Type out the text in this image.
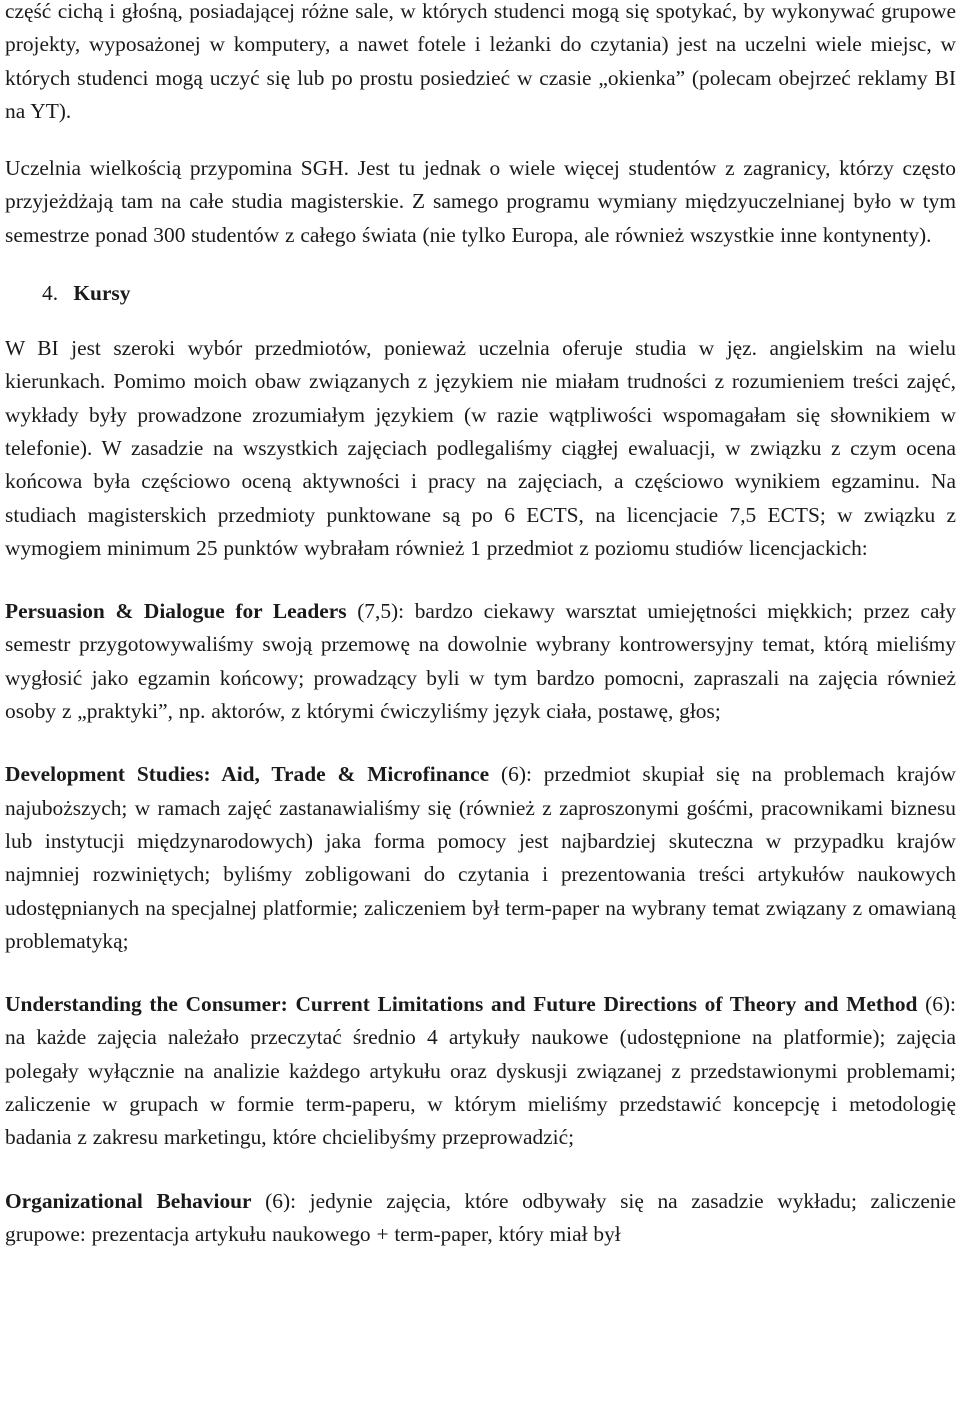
część cichą i głośną, posiadającej różne sale, w których studenci mogą się spotykać, by wykonywać grupowe projekty, wyposażonej w komputery, a nawet fotele i leżanki do czytania) jest na uczelni wiele miejsc, w których studenci mogą uczyć się lub po prostu posiedzieć w czasie „okienka” (polecam obejrzeć reklamy BI na YT).

Uczelnia wielkością przypomina SGH. Jest tu jednak o wiele więcej studentów z zagranicy, którzy często przyjeżdżają tam na całe studia magisterskie. Z samego programu wymiany międzyuczelnianej było w tym semestrze ponad 300 studentów z całego świata (nie tylko Europa, ale również wszystkie inne kontynenty).

4. Kursy

W BI jest szeroki wybór przedmiotów, ponieważ uczelnia oferuje studia w jęz. angielskim na wielu kierunkach. Pomimo moich obaw związanych z językiem nie miałam trudności z rozumieniem treści zajęć, wykłady były prowadzone zrozumiałym językiem (w razie wątpliwości wspomagałam się słownikiem w telefonie). W zasadzie na wszystkich zajęciach podlegaliśmy ciągłej ewaluacji, w związku z czym ocena końcowa była częściowo oceną aktywności i pracy na zajęciach, a częściowo wynikiem egzaminu. Na studiach magisterskich przedmioty punktowane są po 6 ECTS, na licencjacie 7,5 ECTS; w związku z wymogiem minimum 25 punktów wybrałam również 1 przedmiot z poziomu studiów licencjackich:

Persuasion & Dialogue for Leaders (7,5): bardzo ciekawy warsztat umiejętności miękkich; przez cały semestr przygotowywaliśmy swoją przemowę na dowolnie wybrany kontrowersyjny temat, którą mieliśmy wygłosić jako egzamin końcowy; prowadzący byli w tym bardzo pomocni, zapraszali na zajęcia również osoby z „praktyki”, np. aktorów, z którymi ćwiczyliśmy język ciała, postawę, głos;

Development Studies: Aid, Trade & Microfinance (6): przedmiot skupiał się na problemach krajów najuboższych; w ramach zajęć zastanawialiśmy się (również z zaproszonymi gośćmi, pracownikami biznesu lub instytucji międzynarodowych) jaka forma pomocy jest najbardziej skuteczna w przypadku krajów najmniej rozwiniętych; byliśmy zobligowani do czytania i prezentowania treści artykułów naukowych udostępnianych na specjalnej platformie; zaliczeniem był term-paper na wybrany temat związany z omawianą problematyką;

Understanding the Consumer: Current Limitations and Future Directions of Theory and Method (6): na każde zajęcia należało przeczytać średnio 4 artykuły naukowe (udostępnione na platformie); zajęcia polegały wyłącznie na analizie każdego artykułu oraz dyskusji związanej z przedstawionymi problemami; zaliczenie w grupach w formie term-paperu, w którym mieliśmy przedstawić koncepcję i metodologię badania z zakresu marketingu, które chcielibyśmy przeprowadzić;

Organizational Behaviour (6): jedynie zajęcia, które odbywały się na zasadzie wykładu; zaliczenie grupowe: prezentacja artykułu naukowego + term-paper, który miał był
